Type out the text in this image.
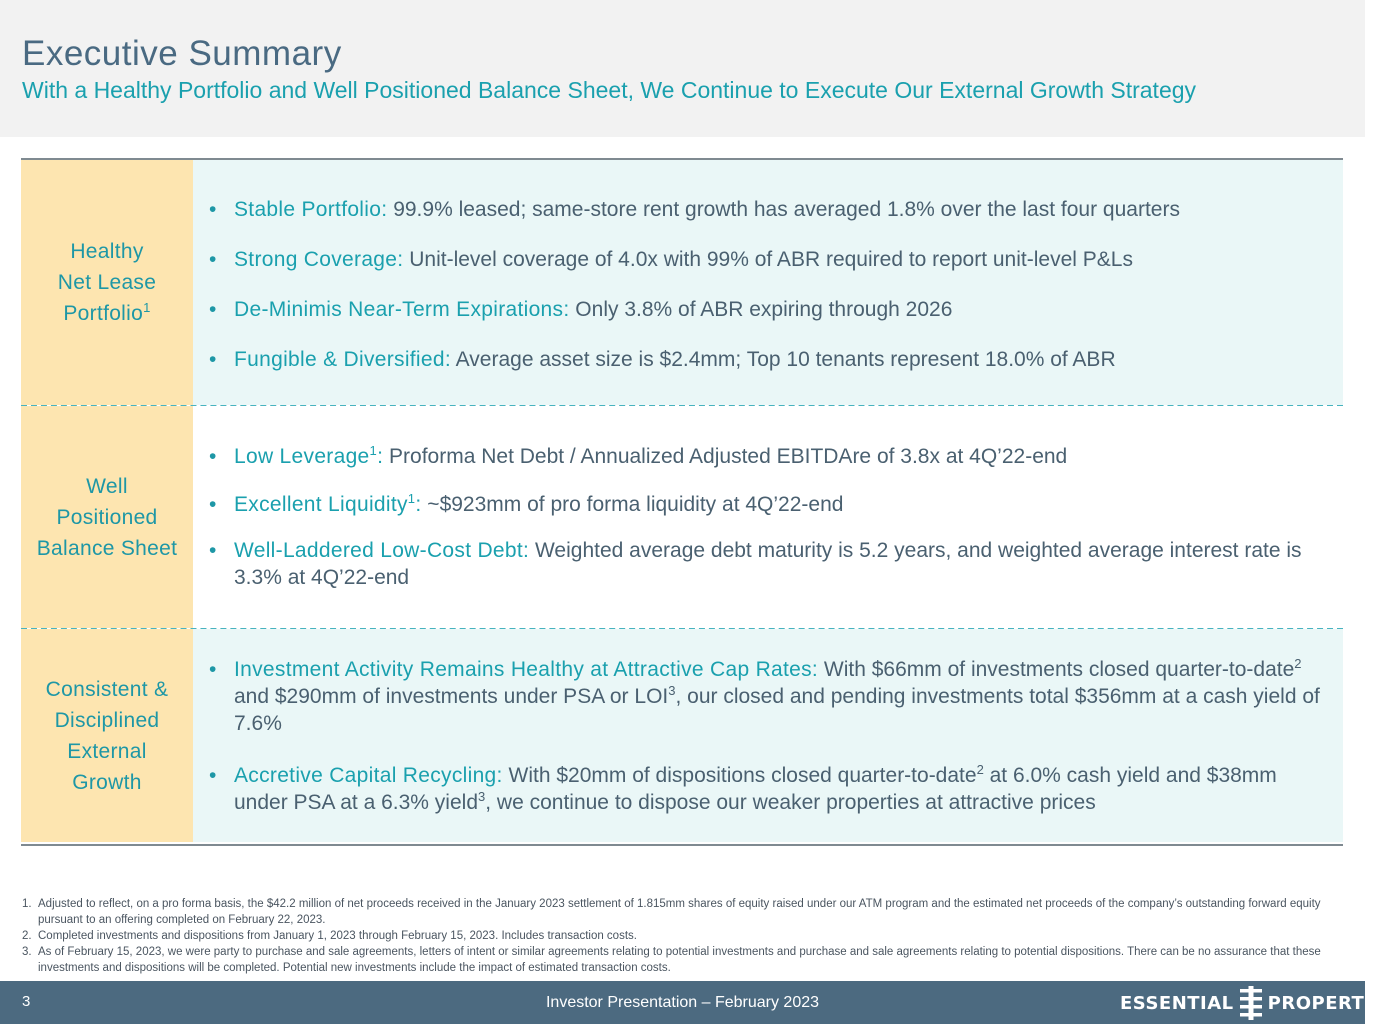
Executive Summary
With a Healthy Portfolio and Well Positioned Balance Sheet, We Continue to Execute Our External Growth Strategy
Healthy
Net Lease
Portfolio$^1$
• Stable Portfolio: 99.9% leased; same-store rent growth has averaged 1.8% over the last four quarters
• Strong Coverage: Unit-level coverage of 4.0x with 99% of ABR required to report unit-level P&Ls
• De-Minimis Near-Term Expirations: Only 3.8% of ABR expiring through 2026
• Fungible & Diversified: Average asset size is $2.4mm; Top 10 tenants represent 18.0% of ABR
Well
Positioned
Balance Sheet
• Low Leverage$^1$: Proforma Net Debt / Annualized Adjusted EBITDAre of 3.8x at 4Q’22-end
• Excellent Liquidity$^1$: ~$923mm of pro forma liquidity at 4Q’22-end
• Well-Laddered Low-Cost Debt: Weighted average debt maturity is 5.2 years, and weighted average interest rate is 3.3% at 4Q’22-end
Consistent &
Disciplined
External
Growth
• Investment Activity Remains Healthy at Attractive Cap Rates: With $66mm of investments closed quarter-to-date$^2$ and $290mm of investments under PSA or LOI$^3$, our closed and pending investments total $356mm at a cash yield of 7.6%
• Accretive Capital Recycling: With $20mm of dispositions closed quarter-to-date$^2$ at 6.0% cash yield and $38mm under PSA at a 6.3% yield$^3$, we continue to dispose our weaker properties at attractive prices
1. Adjusted to reflect, on a pro forma basis, the $42.2 million of net proceeds received in the January 2023 settlement of 1.815mm shares of equity raised under our ATM program and the estimated net proceeds of the company’s outstanding forward equity pursuant to an offering completed on February 22, 2023.
2. Completed investments and dispositions from January 1, 2023 through February 15, 2023. Includes transaction costs.
3. As of February 15, 2023, we were party to purchase and sale agreements, letters of intent or similar agreements relating to potential investments and purchase and sale agreements relating to potential dispositions. There can be no assurance that these investments and dispositions will be completed. Potential new investments include the impact of estimated transaction costs.
3	Investor Presentation – February 2023	ESSENTIAL PROPERTIES
